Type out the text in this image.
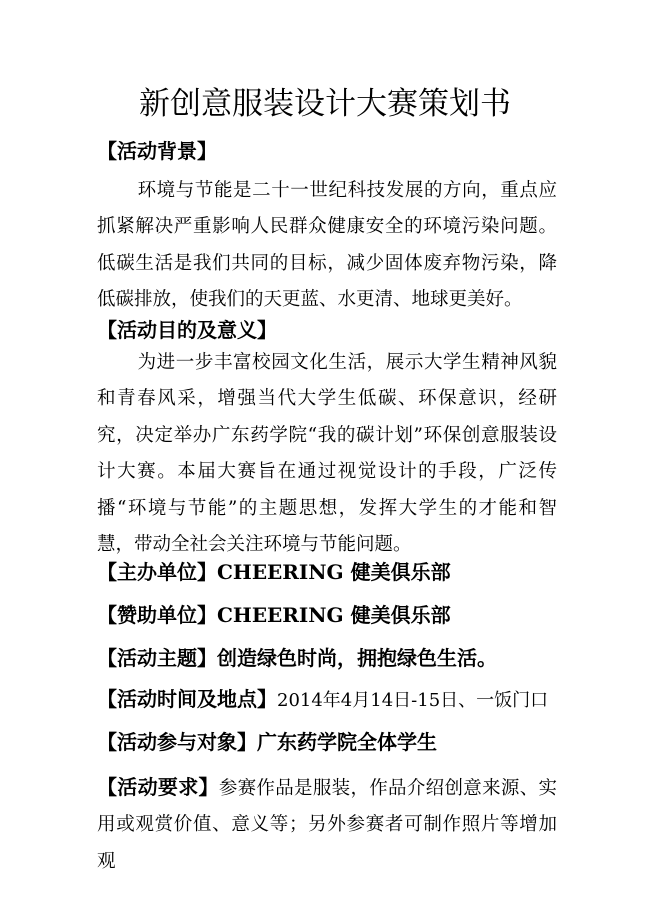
新创意服装设计大赛策划书
【活动背景】

环境与节能是二十一世纪科技发展的方向，重点应抓紧解决严重影响人民群众健康安全的环境污染问题。低碳生活是我们共同的目标，减少固体废弃物污染，降低碳排放，使我们的天更蓝、水更清、地球更美好。

【活动目的及意义】

为进一步丰富校园文化生活，展示大学生精神风貌和青春风采，增强当代大学生低碳、环保意识，经研究，决定举办广东药学院“我的碳计划”环保创意服装设计大赛。本届大赛旨在通过视觉设计的手段，广泛传播“环境与节能”的主题思想，发挥大学生的才能和智慧，带动全社会关注环境与节能问题。

【主办单位】CHEERING 健美俱乐部
【赞助单位】CHEERING 健美俱乐部
【活动主题】创造绿色时尚，拥抱绿色生活。
【活动时间及地点】2014年4月14日-15日、一饭门口
【活动参与对象】广东药学院全体学生

【活动要求】参赛作品是服装，作品介绍创意来源、实用或观赏价值、意义等；另外参赛者可制作照片等增加观
